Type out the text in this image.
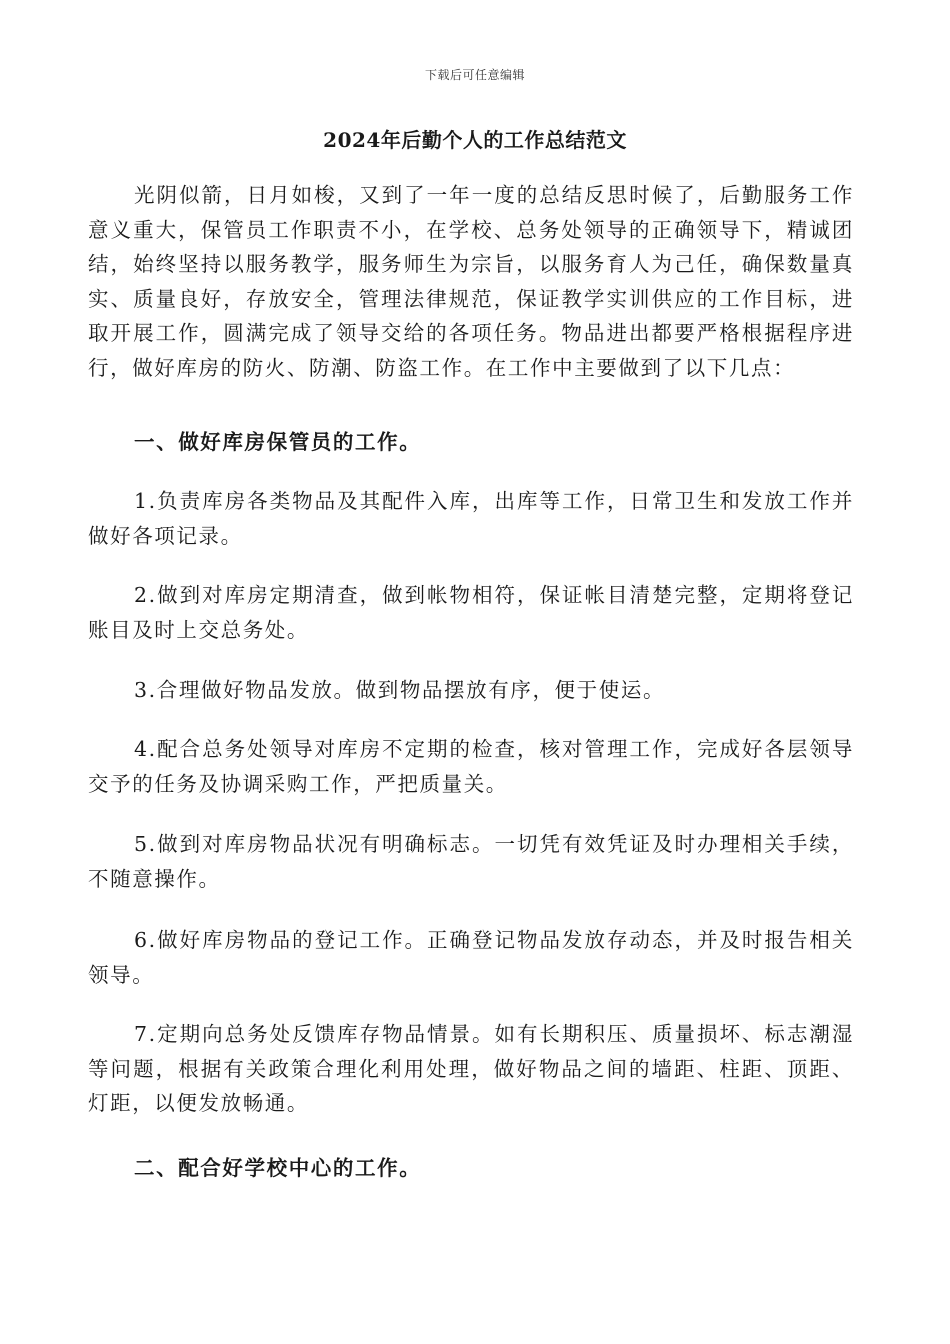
下载后可任意编辑
2024年后勤个人的工作总结范文

光阴似箭，日月如梭，又到了一年一度的总结反思时候了，后勤服务工作意义重大，保管员工作职责不小，在学校、总务处领导的正确领导下，精诚团结，始终坚持以服务教学，服务师生为宗旨，以服务育人为己任，确保数量真实、质量良好，存放安全，管理法律规范，保证教学实训供应的工作目标，进取开展工作，圆满完成了领导交给的各项任务。物品进出都要严格根据程序进行，做好库房的防火、防潮、防盗工作。在工作中主要做到了以下几点：

一、做好库房保管员的工作。

1.负责库房各类物品及其配件入库，出库等工作，日常卫生和发放工作并做好各项记录。

2.做到对库房定期清查，做到帐物相符，保证帐目清楚完整，定期将登记账目及时上交总务处。

3.合理做好物品发放。做到物品摆放有序，便于使运。

4.配合总务处领导对库房不定期的检查，核对管理工作，完成好各层领导交予的任务及协调采购工作，严把质量关。

5.做到对库房物品状况有明确标志。一切凭有效凭证及时办理相关手续，不随意操作。

6.做好库房物品的登记工作。正确登记物品发放存动态，并及时报告相关领导。

7.定期向总务处反馈库存物品情景。如有长期积压、质量损坏、标志潮湿等问题，根据有关政策合理化利用处理，做好物品之间的墙距、柱距、顶距、灯距，以便发放畅通。

二、配合好学校中心的工作。
